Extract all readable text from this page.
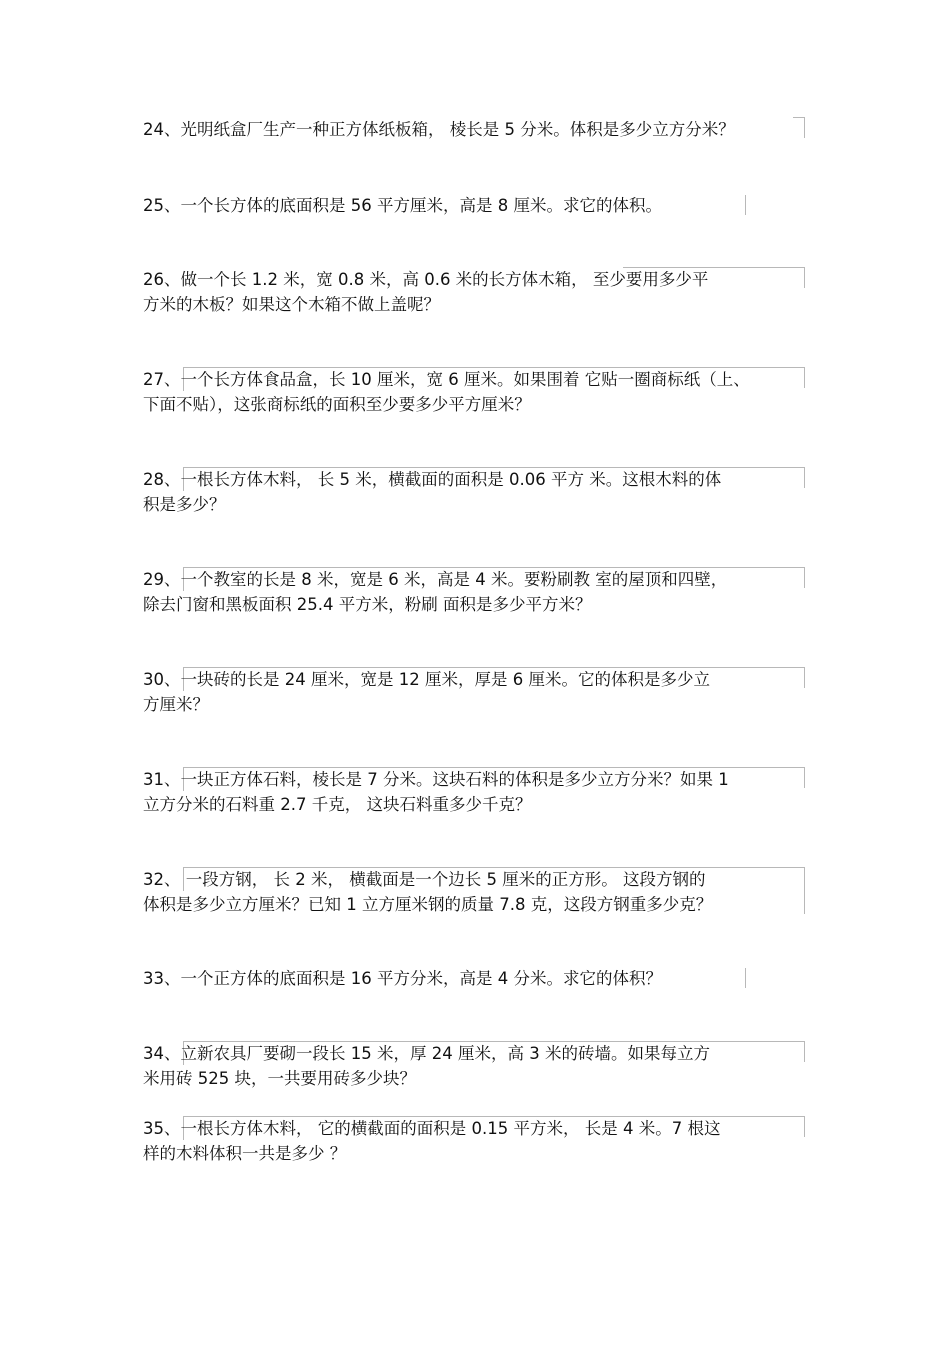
24、光明纸盒厂生产一种正方体纸板箱， 棱长是 5 分米。体积是多少立方分米？
25、一个长方体的底面积是 56 平方厘米，高是 8 厘米。求它的体积。
26、做一个长 1.2 米，宽 0.8 米，高 0.6 米的长方体木箱， 至少要用多少平
方米的木板？如果这个木箱不做上盖呢？
27、一个长方体食品盒，长 10 厘米，宽 6 厘米。如果围着 它贴一圈商标纸（上、
下面不贴），这张商标纸的面积至少要多少平方厘米？
28、一根长方体木料， 长 5 米，横截面的面积是 0.06 平方 米。这根木料的体
积是多少？
29、一个教室的长是 8 米，宽是 6 米，高是 4 米。要粉刷教 室的屋顶和四壁，
除去门窗和黑板面积 25.4 平方米，粉刷 面积是多少平方米？
30、一块砖的长是 24 厘米，宽是 12 厘米，厚是 6 厘米。它的体积是多少立
方厘米？
31、一块正方体石料，棱长是 7 分米。这块石料的体积是多少立方分米？如果 1
立方分米的石料重 2.7 千克， 这块石料重多少千克？
32、 一段方钢， 长 2 米， 横截面是一个边长 5 厘米的正方形。 这段方钢的
体积是多少立方厘米？已知 1 立方厘米钢的质量 7.8 克，这段方钢重多少克？
33、一个正方体的底面积是 16 平方分米，高是 4 分米。求它的体积？
34、立新农具厂要砌一段长 15 米，厚 24 厘米，高 3 米的砖墙。如果每立方
米用砖 525 块，一共要用砖多少块？
35、一根长方体木料， 它的横截面的面积是 0.15 平方米， 长是 4 米。7 根这
样的木料体积一共是多少 ？
